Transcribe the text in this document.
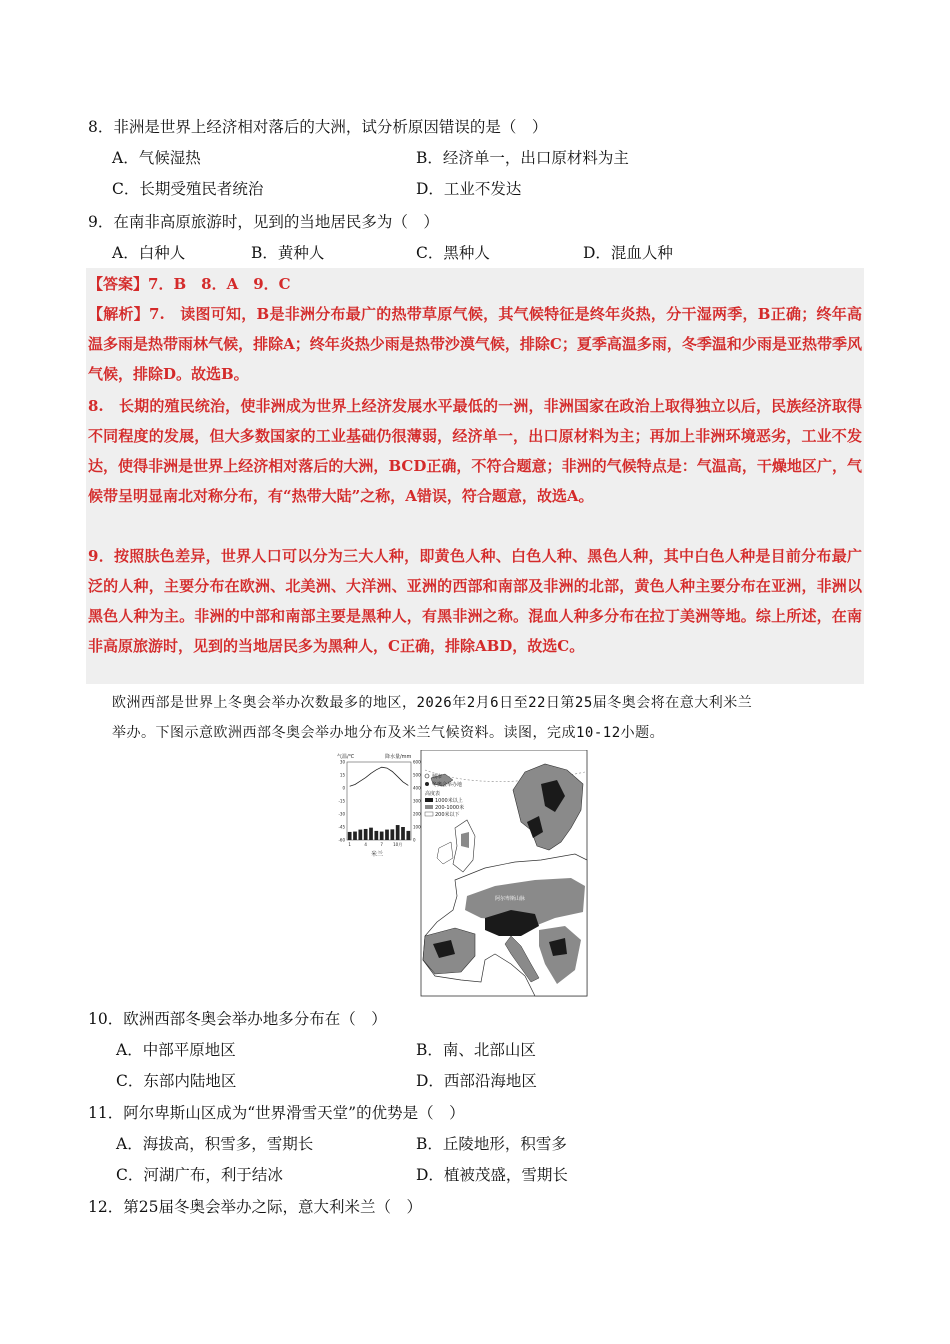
8．非洲是世界上经济相对落后的大洲，试分析原因错误的是（　）
A．气候湿热	B．经济单一，出口原材料为主
C．长期受殖民者统治	D．工业不发达
9．在南非高原旅游时，见到的当地居民多为（　）
A．白种人	B．黄种人	C．黑种人	D．混血人种
【答案】7．B　8．A　9．C
【解析】7.　读图可知，B是非洲分布最广的热带草原气候，其气候特征是终年炎热，分干湿两季，B正确；终年高温多雨是热带雨林气候，排除A；终年炎热少雨是热带沙漠气候，排除C；夏季高温多雨，冬季温和少雨是亚热带季风气候，排除D。故选B。
8.　长期的殖民统治，使非洲成为世界上经济发展水平最低的一洲，非洲国家在政治上取得独立以后，民族经济取得不同程度的发展，但大多数国家的工业基础仍很薄弱，经济单一，出口原材料为主；再加上非洲环境恶劣，工业不发达，使得非洲是世界上经济相对落后的大洲，BCD正确，不符合题意；非洲的气候特点是：气温高，干燥地区广，气候带呈明显南北对称分布，有“热带大陆”之称，A错误，符合题意，故选A。
9．按照肤色差异，世界人口可以分为三大人种，即黄色人种、白色人种、黑色人种，其中白色人种是目前分布最广泛的人种，主要分布在欧洲、北美洲、大洋洲、亚洲的西部和南部及非洲的北部，黄色人种主要分布在亚洲，非洲以黑色人种为主。非洲的中部和南部主要是黑种人，有黑非洲之称。混血人种多分布在拉丁美洲等地。综上所述，在南非高原旅游时，见到的当地居民多为黑种人，C正确，排除ABD，故选C。
欧洲西部是世界上冬奥会举办次数最多的地区，2026年2月6日至22日第25届冬奥会将在意大利米兰
举办。下图示意欧洲西部冬奥会举办地分布及米兰气候资料。读图，完成10-12小题。
气温/℃	降水量/mm
30
15
0
-15
-30
-45
-60
600
500
400
300
200
100
0
1	4	7	10月
米兰
阿尔卑斯山脉
城市
冬奥会举办地
高度表
1000米以上
200-1000米
200米以下
10．欧洲西部冬奥会举办地多分布在（　）
A．中部平原地区	B．南、北部山区
C．东部内陆地区	D．西部沿海地区
11．阿尔卑斯山区成为“世界滑雪天堂”的优势是（　）
A．海拔高，积雪多，雪期长	B．丘陵地形，积雪多
C．河湖广布，利于结冰	D．植被茂盛，雪期长
12．第25届冬奥会举办之际，意大利米兰（　）
